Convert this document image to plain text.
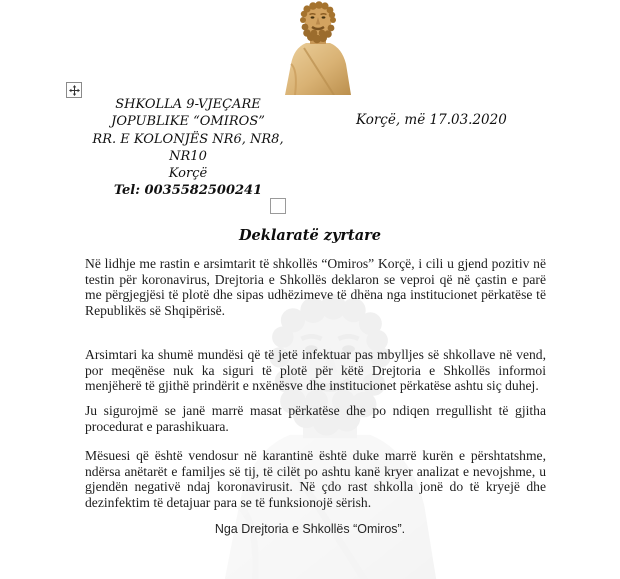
SHKOLLA 9-VJEÇARE
JOPUBLIKE “OMIROS”
RR. E KOLONJËS NR6, NR8,
NR10
Korçë
Tel: 0035582500241
Korçë, më 17.03.2020
Deklaratë zyrtare

Në lidhje me rastin e arsimtarit të shkollës “Omiros” Korçë, i cili u gjend pozitiv në testin për koronavirus, Drejtoria e Shkollës deklaron se veproi që në çastin e parë me përgjegjësi të plotë dhe sipas udhëzimeve të dhëna nga institucionet përkatëse të Republikës së Shqipërisë.

Arsimtari ka shumë mundësi që të jetë infektuar pas mbylljes së shkollave në vend, por meqënëse nuk ka siguri të plotë për këtë Drejtoria e Shkollës informoi menjëherë të gjithë prindërit e nxënësve dhe institucionet përkatëse ashtu siç duhej.

Ju sigurojmë se janë marrë masat përkatëse dhe po ndiqen rregullisht të gjitha procedurat e parashikuara.

Mësuesi që është vendosur në karantinë është duke marrë kurën e përshtatshme, ndërsa anëtarët e familjes së tij, të cilët po ashtu kanë kryer analizat e nevojshme, u gjendën negativë ndaj koronavirusit. Në çdo rast shkolla jonë do të kryejë dhe dezinfektim të detajuar para se të funksionojë sërish.

Nga Drejtoria e Shkollës “Omiros”.
